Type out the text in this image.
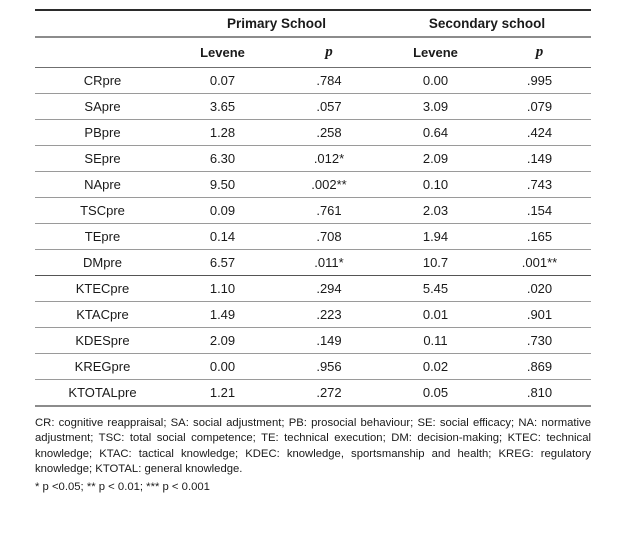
	Primary School		Secondary school	
	Levene	p	Levene	p
CRpre	0.07	.784	0.00	.995
SApre	3.65	.057	3.09	.079
PBpre	1.28	.258	0.64	.424
SEpre	6.30	.012*	2.09	.149
NApre	9.50	.002**	0.10	.743
TSCpre	0.09	.761	2.03	.154
TEpre	0.14	.708	1.94	.165
DMpre	6.57	.011*	10.7	.001**
KTECpre	1.10	.294	5.45	.020
KTACpre	1.49	.223	0.01	.901
KDESpre	2.09	.149	0.11	.730
KREGpre	0.00	.956	0.02	.869
KTOTALpre	1.21	.272	0.05	.810

CR: cognitive reappraisal; SA: social adjustment; PB: prosocial behaviour; SE: social efficacy; NA: normative adjustment; TSC: total social competence; TE: technical execution; DM: decision-making; KTEC: technical knowledge; KTAC: tactical knowledge; KDEC: knowledge, sportsmanship and health; KREG: regulatory knowledge; KTOTAL: general knowledge.

* p <0.05; ** p < 0.01; *** p < 0.001
